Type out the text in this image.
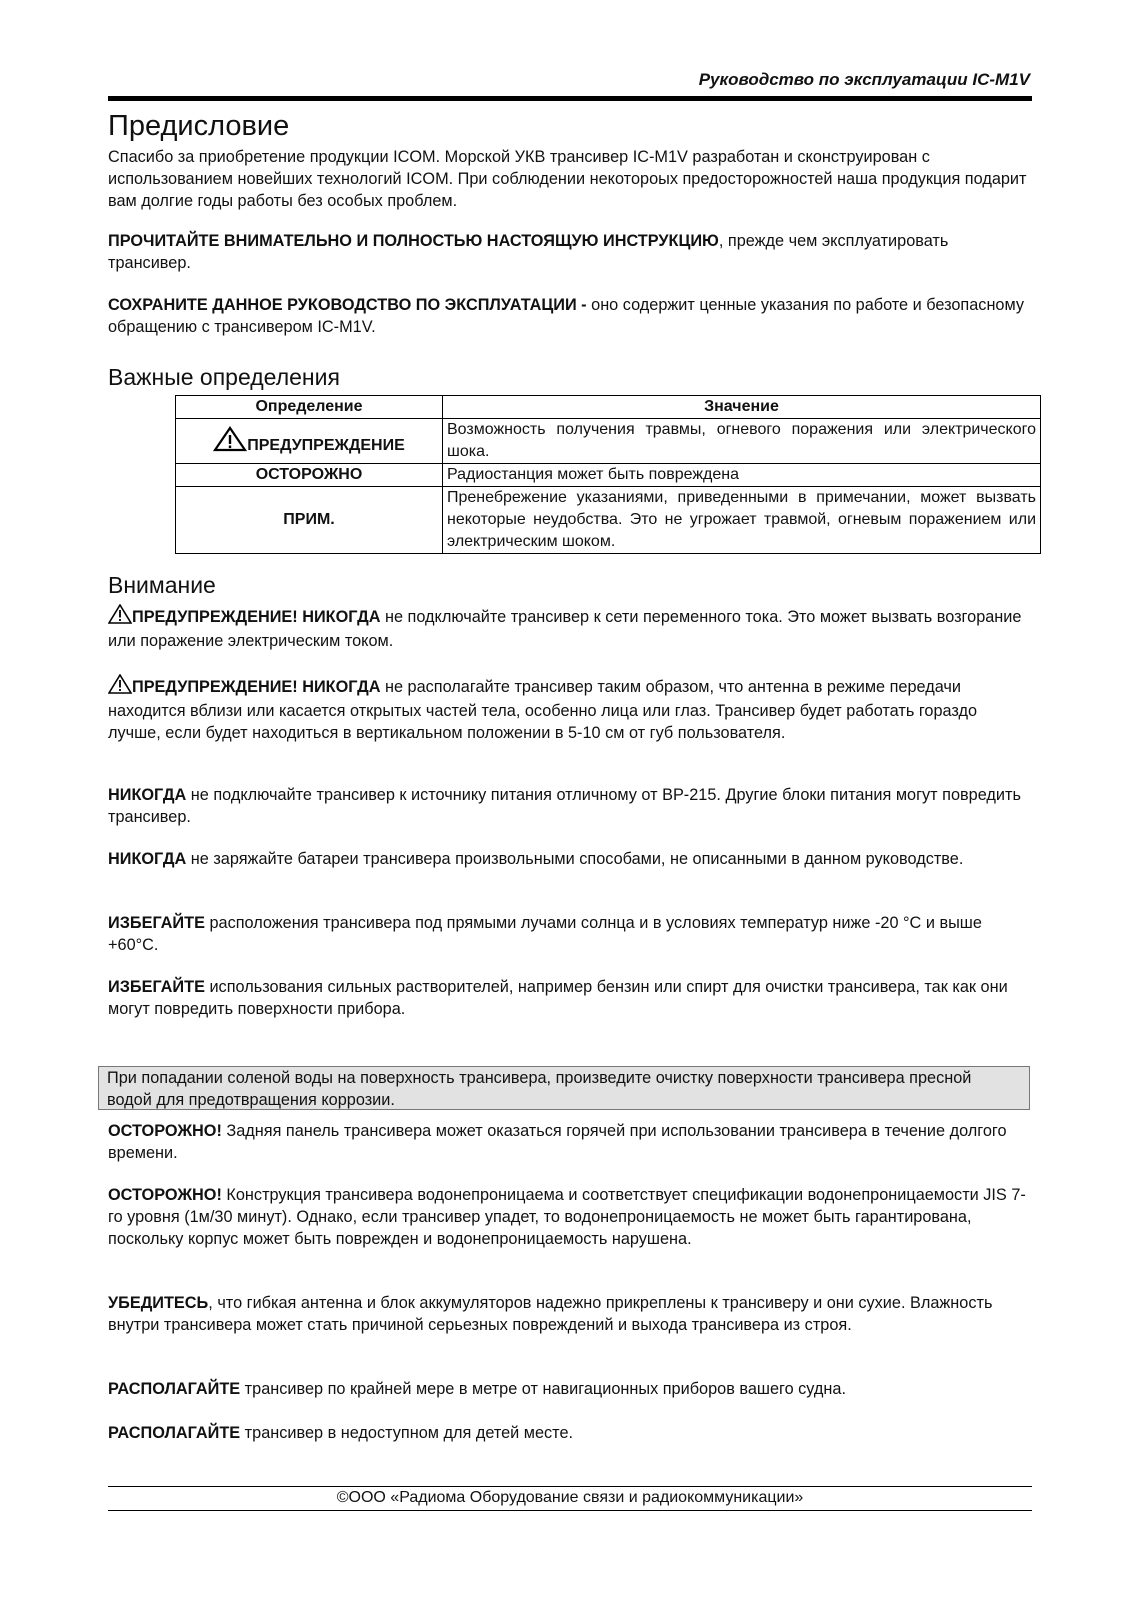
Руководство по эксплуатации IC-M1V
Предисловие

Спасибо за приобретение продукции ICOM. Морской УКВ трансивер IC-M1V разработан и сконструирован с использованием новейших технологий ICOM. При соблюдении некотороых предосторожностей наша продукция подарит вам долгие годы работы без особых проблем.

ПРОЧИТАЙТЕ ВНИМАТЕЛЬНО И ПОЛНОСТЬЮ НАСТОЯЩУЮ ИНСТРУКЦИЮ, прежде чем эксплуатировать трансивер.

СОХРАНИТЕ ДАННОЕ РУКОВОДСТВО ПО ЭКСПЛУАТАЦИИ - оно содержит ценные указания по работе и безопасному обращению с трансивером IC-M1V.

Важные определения
Определение	Значение
ПРЕДУПРЕЖДЕНИЕ	Возможность получения травмы, огневого поражения или электрического шока.
ОСТОРОЖНО	Радиостанция может быть повреждена
ПРИМ.	Пренебрежение указаниями, приведенными в примечании, может вызвать некоторые неудобства. Это не угрожает травмой, огневым поражением или электрическим шоком.
Внимание

ПРЕДУПРЕЖДЕНИЕ! НИКОГДА не подключайте трансивер к сети переменного тока. Это может вызвать возгорание или поражение электрическим током.

ПРЕДУПРЕЖДЕНИЕ! НИКОГДА не располагайте трансивер таким образом, что антенна в режиме передачи находится вблизи или касается открытых частей тела, особенно лица или глаз. Трансивер будет работать гораздо лучше, если будет находиться в вертикальном положении в 5-10 см от губ пользователя.

НИКОГДА не подключайте трансивер к источнику питания отличному от BP-215. Другие блоки питания могут повредить трансивер.

НИКОГДА не заряжайте батареи трансивера произвольными способами, не описанными в данном руководстве.

ИЗБЕГАЙТЕ расположения трансивера под прямыми лучами солнца и в условиях температур ниже -20 °C и выше +60°C.

ИЗБЕГАЙТЕ использования сильных растворителей, например бензин или спирт для очистки трансивера, так как они могут повредить поверхности прибора.

При попадании соленой воды на поверхность трансивера, произведите очистку поверхности трансивера пресной водой для предотвращения коррозии.

ОСТОРОЖНО! Задняя панель трансивера может оказаться горячей при использовании трансивера в течение долгого времени.

ОСТОРОЖНО! Конструкция трансивера водонепроницаема и соответствует спецификации водонепроницаемости JIS 7-го уровня (1м/30 минут). Однако, если трансивер упадет, то водонепроницаемость не может быть гарантирована, поскольку корпус может быть поврежден и водонепроницаемость нарушена.

УБЕДИТЕСЬ, что гибкая антенна и блок аккумуляторов надежно прикреплены к трансиверу и они сухие. Влажность внутри трансивера может стать причиной серьезных повреждений и выхода трансивера из строя.

РАСПОЛАГАЙТЕ трансивер по крайней мере в метре от навигационных приборов вашего судна.

РАСПОЛАГАЙТЕ трансивер в недоступном для детей месте.

©ООО «Радиома Оборудование связи и радиокоммуникации»
